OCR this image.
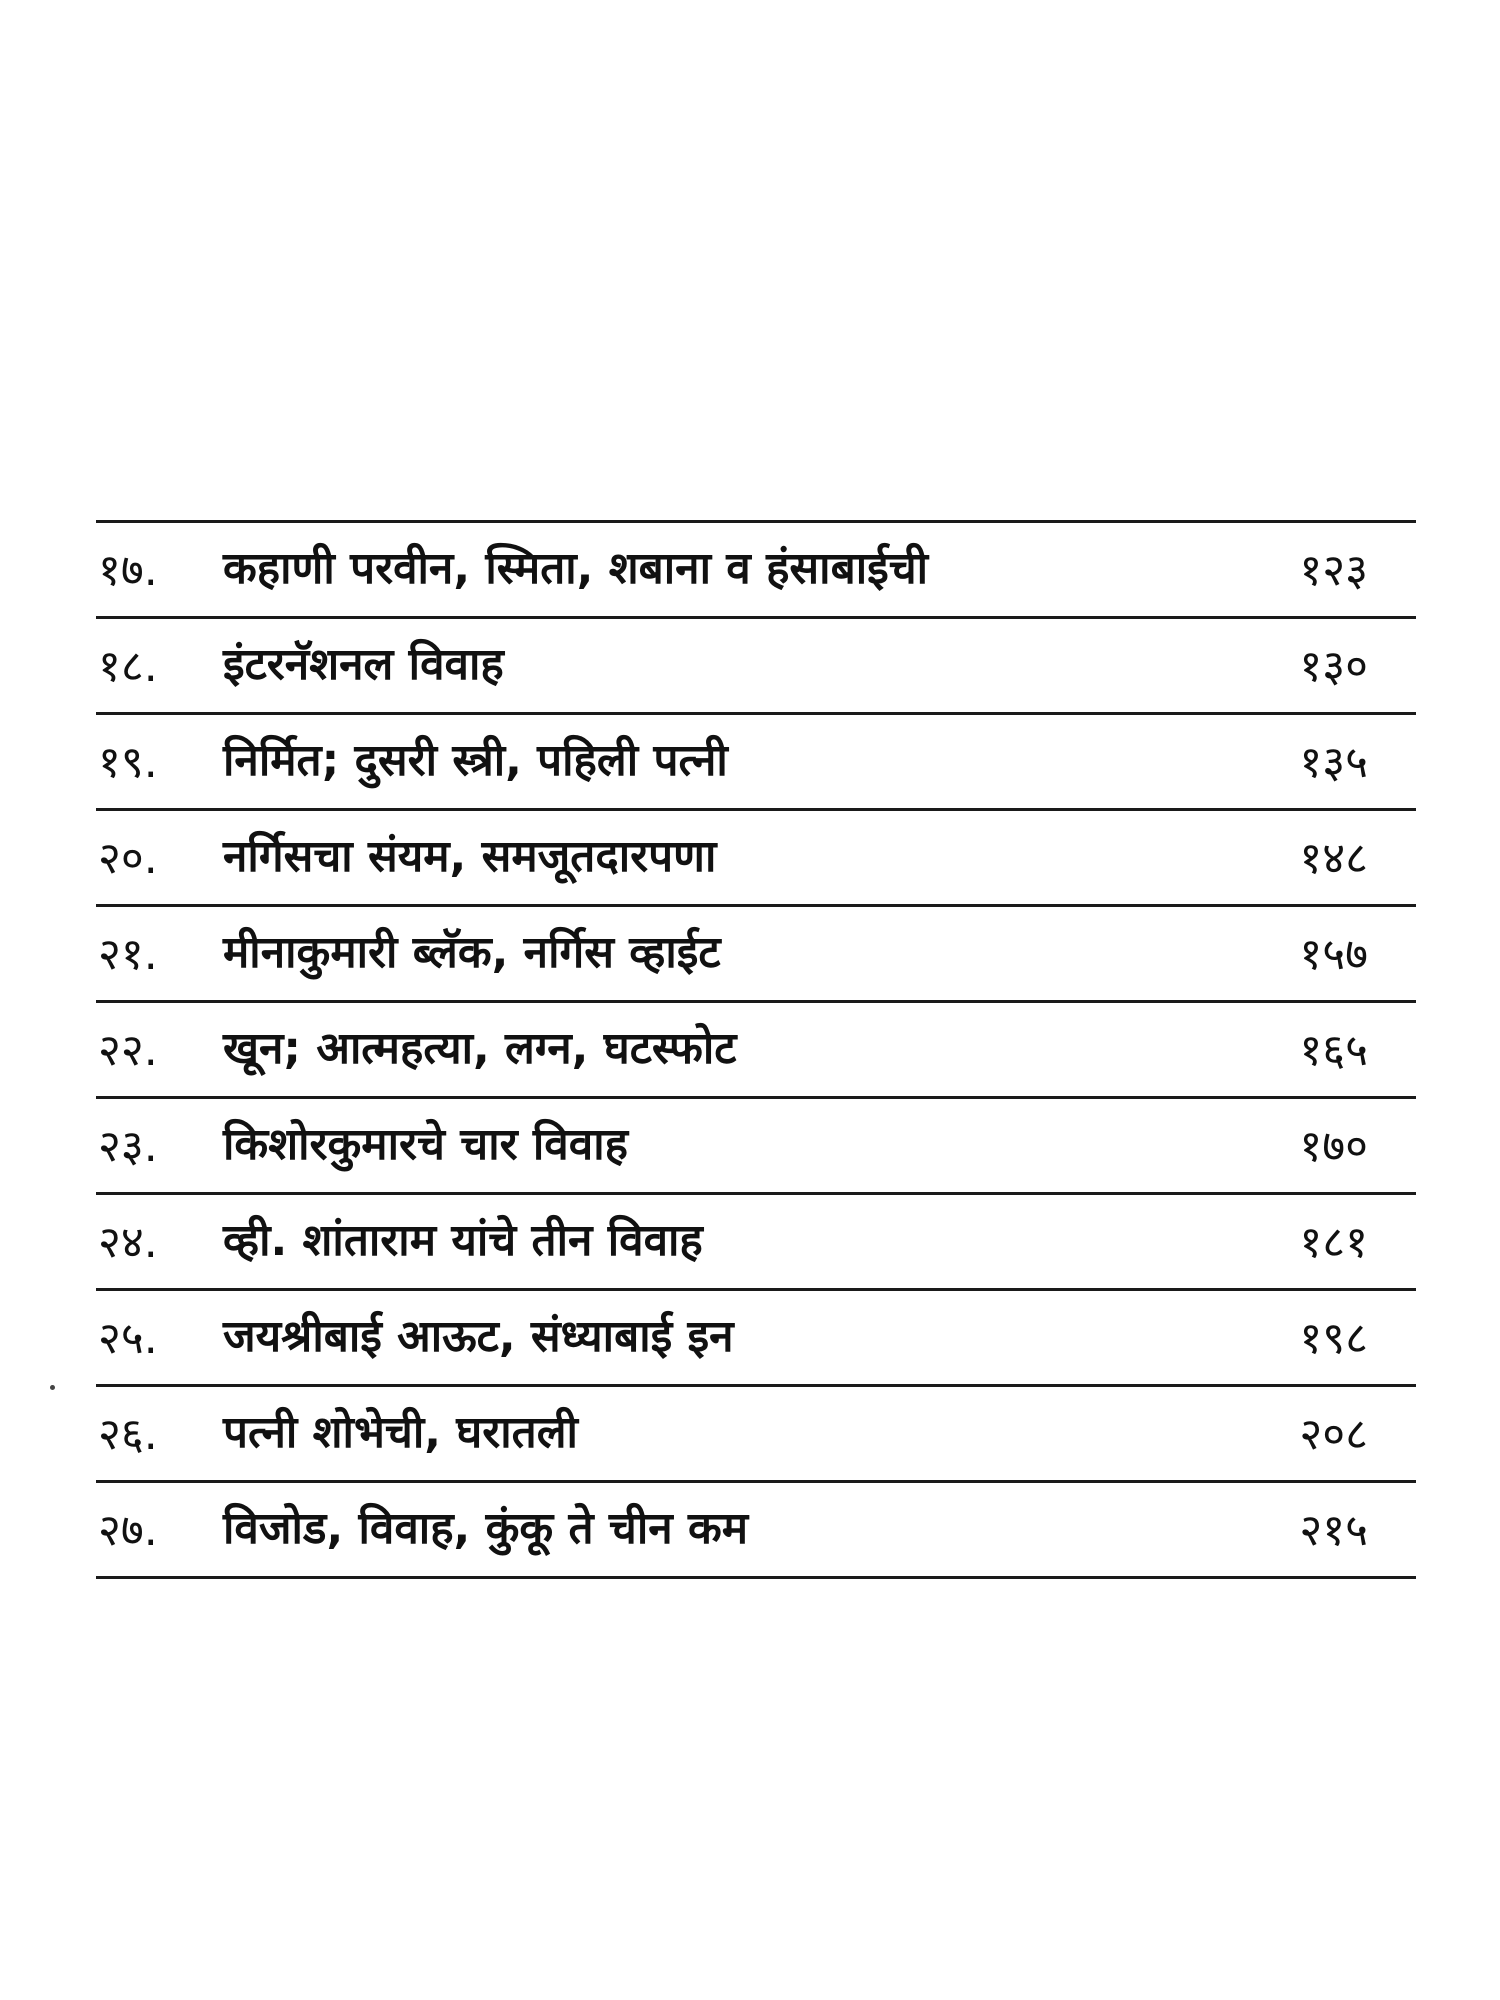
१७. कहाणी परवीन, स्मिता, शबाना व हंसाबाईची	१२३
१८. इंटरनॅशनल विवाह	१३०
१९. निर्मित; दुसरी स्त्री, पहिली पत्नी	१३५
२०. नर्गिसचा संयम, समजूतदारपणा	१४८
२१. मीनाकुमारी ब्लॅक, नर्गिस व्हाईट	१५७
२२. खून; आत्महत्या, लग्न, घटस्फोट	१६५
२३. किशोरकुमारचे चार विवाह	१७०
२४. व्ही. शांताराम यांचे तीन विवाह	१८१
२५. जयश्रीबाई आऊट, संध्याबाई इन	१९८
२६. पत्नी शोभेची, घरातली	२०८
२७. विजोड, विवाह, कुंकू ते चीन कम	२१५
